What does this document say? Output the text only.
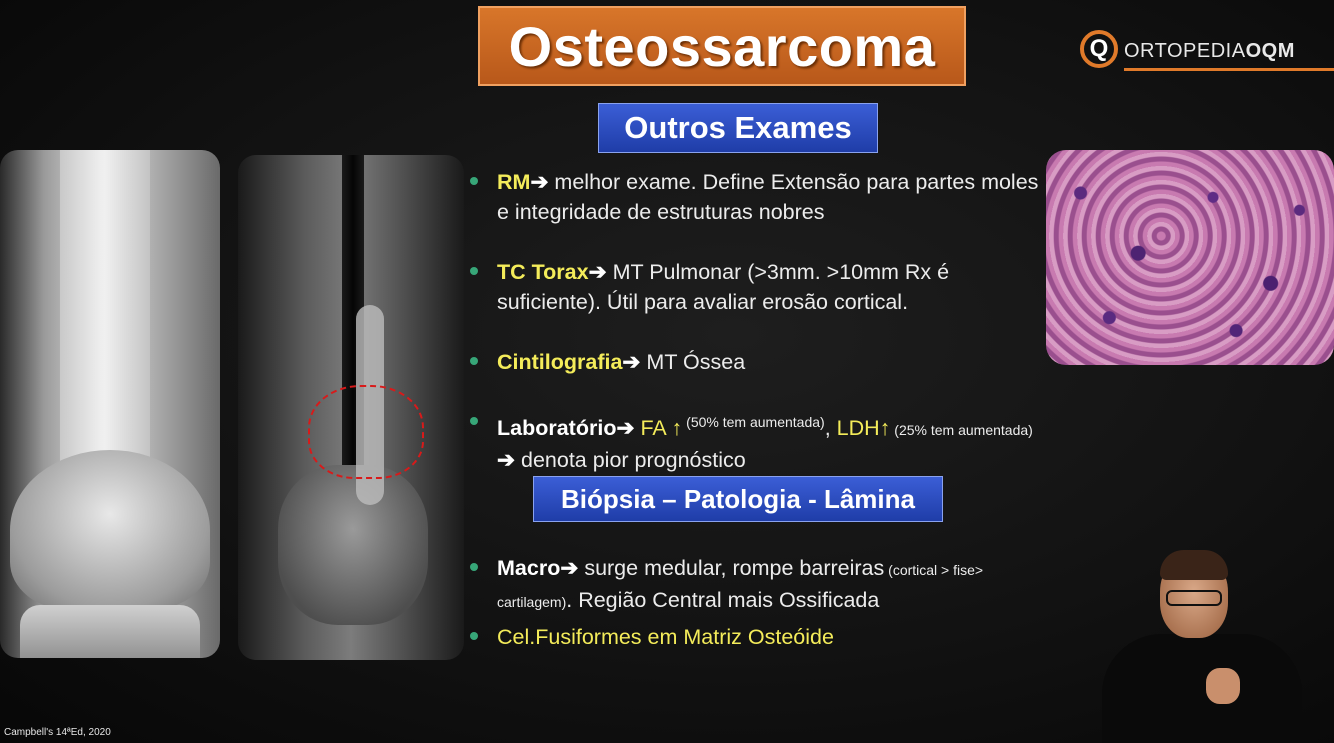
Osteossarcoma	Q ORTOPEDIAOQM
Outros Exames
RM➔ melhor exame. Define Extensão para partes moles e integridade de estruturas nobres
TC Torax➔ MT Pulmonar (>3mm. >10mm Rx é suficiente). Útil para avaliar erosão cortical.
Cintilografia➔ MT Óssea
Laboratório➔ FA ↑ $^{(50\% tem aumentada)}$, LDH↑ (25% tem aumentada) ➔ denota pior prognóstico
Macro➔ surge medular, rompe barreiras (cortical > fise> cartilagem). Região Central mais Ossificada
Cel.Fusiformes em Matriz Osteóide
Biópsia – Patologia - Lâmina
Campbell's 14ªEd, 2020
